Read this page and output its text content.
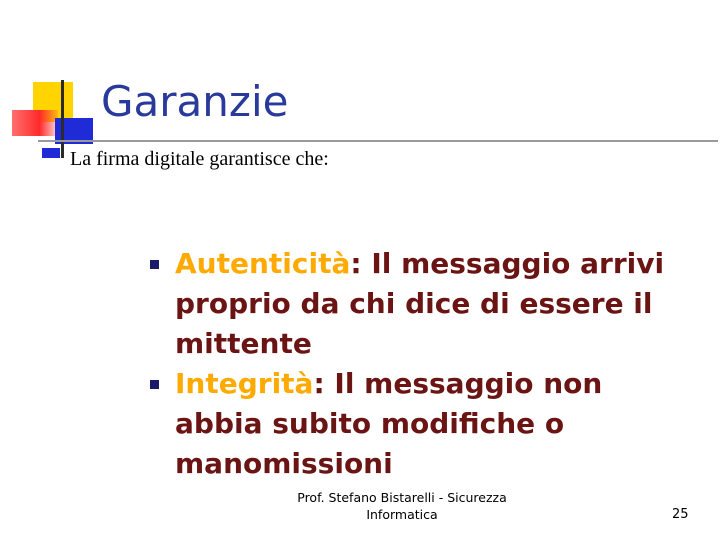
Garanzie
La firma digitale garantisce che:
Autenticità: Il messaggio arrivi proprio da chi dice di essere il mittente
Integrità: Il messaggio non abbia subito modifiche o manomissioni
Prof. Stefano Bistarelli - Sicurezza Informatica	25
